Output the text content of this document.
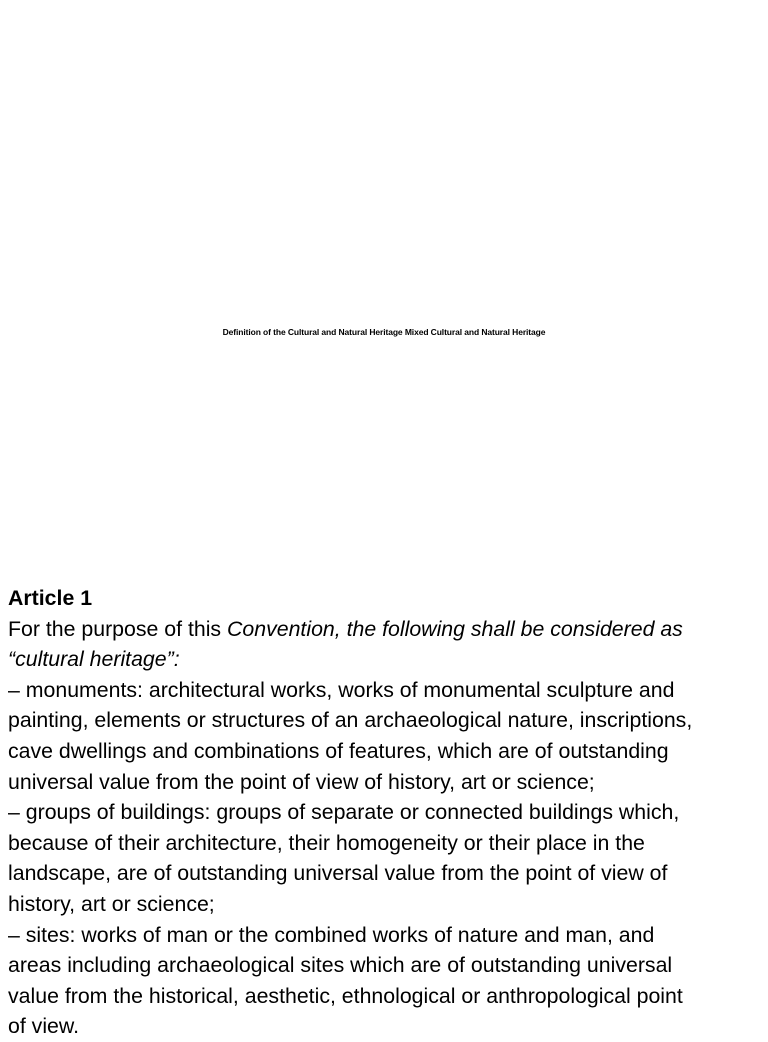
Definition of the Cultural and Natural Heritage Mixed Cultural and Natural Heritage
Article 1
For the purpose of this Convention, the following shall be considered as
“cultural heritage”:
– monuments: architectural works, works of monumental sculpture and
painting, elements or structures of an archaeological nature, inscriptions,
cave dwellings and combinations of features, which are of outstanding
universal value from the point of view of history, art or science;
– groups of buildings: groups of separate or connected buildings which,
because of their architecture, their homogeneity or their place in the
landscape, are of outstanding universal value from the point of view of
history, art or science;
– sites: works of man or the combined works of nature and man, and
areas including archaeological sites which are of outstanding universal
value from the historical, aesthetic, ethnological or anthropological point
of view.
